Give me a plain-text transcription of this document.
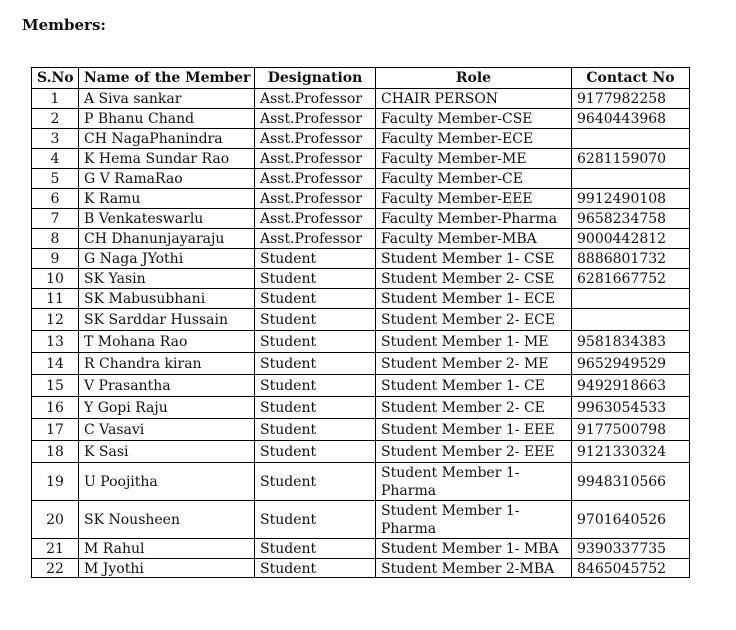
Members:
S.No	Name of the Member	Designation	Role	Contact No

1	A Siva sankar	Asst.Professor	CHAIR PERSON	9177982258

2	P Bhanu Chand	Asst.Professor	Faculty Member-CSE	9640443968

3	CH NagaPhanindra	Asst.Professor	Faculty Member-ECE	

4	K Hema Sundar Rao	Asst.Professor	Faculty Member-ME	6281159070

5	G V RamaRao	Asst.Professor	Faculty Member-CE	

6	K Ramu	Asst.Professor	Faculty Member-EEE	9912490108

7	B Venkateswarlu	Asst.Professor	Faculty Member-Pharma	9658234758

8	CH Dhanunjayaraju	Asst.Professor	Faculty Member-MBA	9000442812

9	G Naga JYothi	Student	Student Member 1- CSE	8886801732

10	SK Yasin	Student	Student Member 2- CSE	6281667752

11	SK Mabusubhani	Student	Student Member 1- ECE	

12	SK Sarddar Hussain	Student	Student Member 2- ECE	

13	T Mohana Rao	Student	Student Member 1- ME	9581834383

14	R Chandra kiran	Student	Student Member 2- ME	9652949529

15	V Prasantha	Student	Student Member 1- CE	9492918663

16	Y Gopi Raju	Student	Student Member 2- CE	9963054533

17	C Vasavi	Student	Student Member 1- EEE	9177500798

18	K Sasi	Student	Student Member 2- EEE	9121330324

19	U Poojitha	Student	Student Member 1- Pharma	9948310566

20	SK Nousheen	Student	Student Member 1- Pharma	9701640526

21	M Rahul	Student	Student Member 1- MBA	9390337735

22	M Jyothi	Student	Student Member 2-MBA	8465045752
